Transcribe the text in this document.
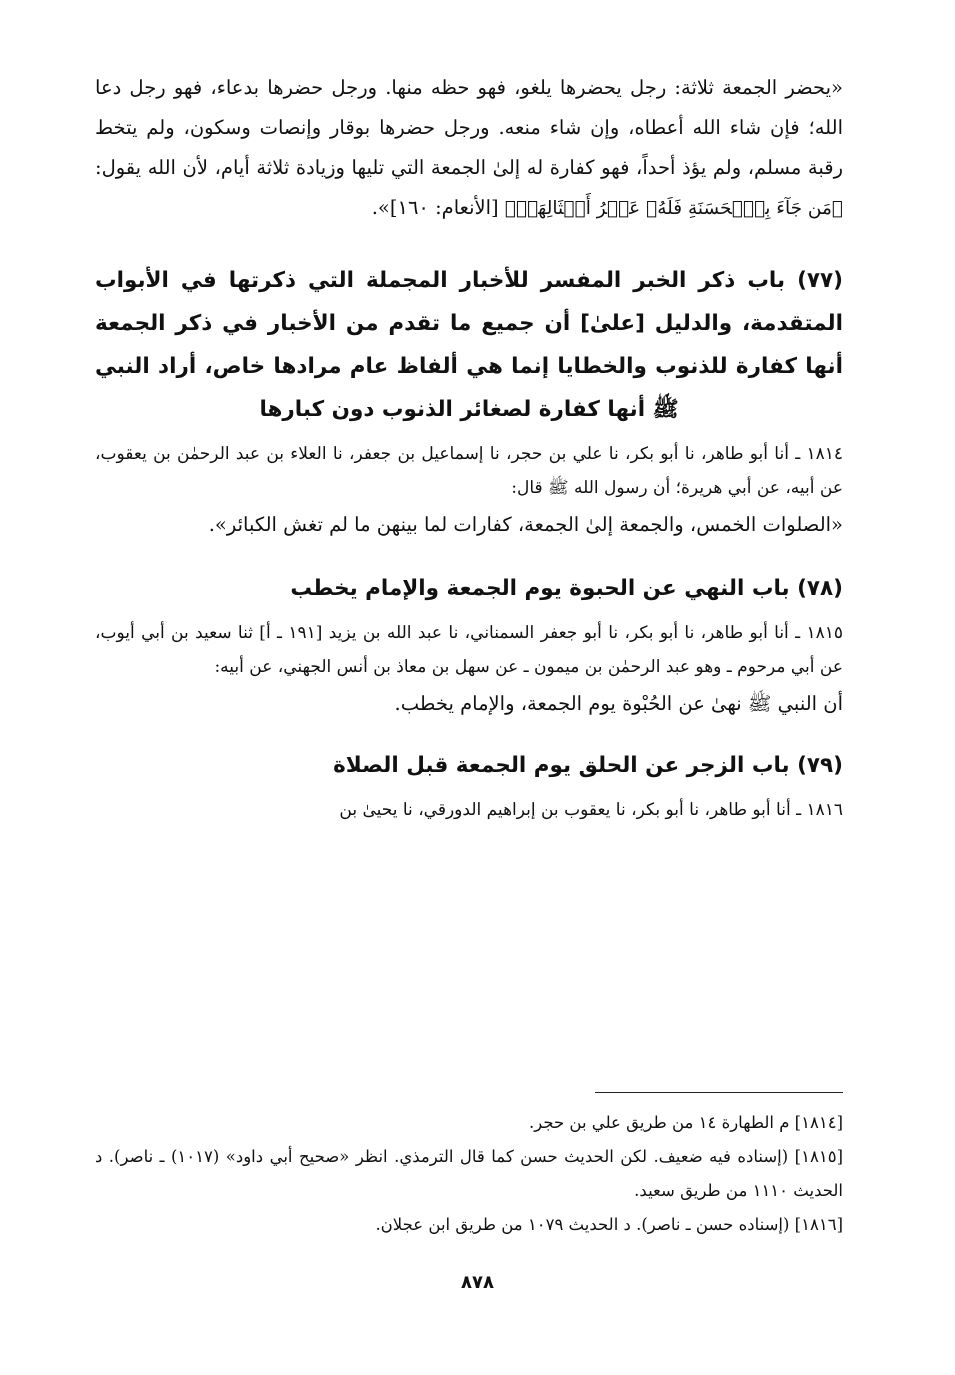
«يحضر الجمعة ثلاثة: رجل يحضرها يلغو، فهو حظه منها. ورجل حضرها بدعاء، فهو رجل دعا الله؛ فإن شاء الله أعطاه، وإن شاء منعه. ورجل حضرها بوقار وإنصات وسكون، ولم يتخط رقبة مسلم، ولم يؤذ أحداً، فهو كفارة له إلىٰ الجمعة التي تليها وزيادة ثلاثة أيام، لأن الله يقول: ﴿مَن جَآءَ بِٱلۡحَسَنَةِ فَلَهُۥ عَشۡرُ أَمۡثَالِهَاۖ﴾ [الأنعام: ١٦٠]».

(٧٧) باب ذكر الخبر المفسر للأخبار المجملة التي ذكرتها في الأبواب المتقدمة، والدليل [علىٰ] أن جميع ما تقدم من الأخبار في ذكر الجمعة أنها كفارة للذنوب والخطايا إنما هي ألفاظ عام مرادها خاص، أراد النبي ﷺ أنها كفارة لصغائر الذنوب دون كبارها

١٨١٤ ـ أنا أبو طاهر، نا أبو بكر، نا علي بن حجر، نا إسماعيل بن جعفر، نا العلاء بن عبد الرحمٰن بن يعقوب، عن أبيه، عن أبي هريرة؛ أن رسول الله ﷺ قال:

«الصلوات الخمس، والجمعة إلىٰ الجمعة، كفارات لما بينهن ما لم تغش الكبائر».

(٧٨) باب النهي عن الحبوة يوم الجمعة والإمام يخطب

١٨١٥ ـ أنا أبو طاهر، نا أبو بكر، نا أبو جعفر السمناني، نا عبد الله بن يزيد [١٩١ ـ أ] ثنا سعيد بن أبي أيوب، عن أبي مرحوم ـ وهو عبد الرحمٰن بن ميمون ـ عن سهل بن معاذ بن أنس الجهني، عن أبيه:

أن النبي ﷺ نهىٰ عن الحُبْوة يوم الجمعة، والإمام يخطب.

(٧٩) باب الزجر عن الحلق يوم الجمعة قبل الصلاة

١٨١٦ ـ أنا أبو طاهر، نا أبو بكر، نا يعقوب بن إبراهيم الدورقي، نا يحيىٰ بن

[١٨١٤] م الطهارة ١٤ من طريق علي بن حجر.

[١٨١٥] (إسناده فيه ضعيف. لكن الحديث حسن كما قال الترمذي. انظر «صحيح أبي داود» (١٠١٧) ـ ناصر). د الحديث ١١١٠ من طريق سعيد.

[١٨١٦] (إسناده حسن ـ ناصر). د الحديث ١٠٧٩ من طريق ابن عجلان.

٨٧٨
